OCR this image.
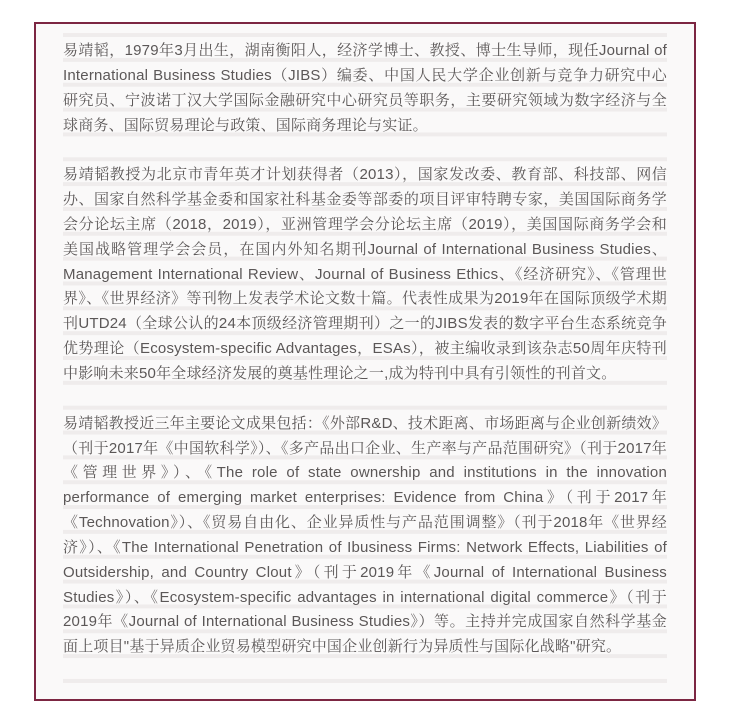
易靖韬，1979年3月出生，湖南衡阳人，经济学博士、教授、博士生导师，现任Journal of International Business Studies（JIBS）编委、中国人民大学企业创新与竞争力研究中心研究员、宁波诺丁汉大学国际金融研究中心研究员等职务，主要研究领域为数字经济与全球商务、国际贸易理论与政策、国际商务理论与实证。

易靖韬教授为北京市青年英才计划获得者（2013），国家发改委、教育部、科技部、网信办、国家自然科学基金委和国家社科基金委等部委的项目评审特聘专家，美国国际商务学会分论坛主席（2018，2019），亚洲管理学会分论坛主席（2019），美国国际商务学会和美国战略管理学会会员，在国内外知名期刊Journal of International Business Studies、Management International Review、Journal of Business Ethics、《经济研究》、《管理世界》、《世界经济》等刊物上发表学术论文数十篇。代表性成果为2019年在国际顶级学术期刊UTD24（全球公认的24本顶级经济管理期刊）之一的JIBS发表的数字平台生态系统竞争优势理论（Ecosystem-specific Advantages，ESAs），被主编收录到该杂志50周年庆特刊中影响未来50年全球经济发展的奠基性理论之一,成为特刊中具有引领性的刊首文。

易靖韬教授近三年主要论文成果包括：《外部R&D、技术距离、市场距离与企业创新绩效》（刊于2017年《中国软科学》）、《多产品出口企业、生产率与产品范围研究》（刊于2017年《管理世界》）、《The role of state ownership and institutions in the innovation performance of emerging market enterprises: Evidence from China》（刊于2017年《Technovation》）、《贸易自由化、企业异质性与产品范围调整》（刊于2018年《世界经济》）、《The International Penetration of Ibusiness Firms: Network Effects, Liabilities of Outsidership, and Country Clout》（刊于2019年《Journal of International Business Studies》）、《Ecosystem-specific advantages in international digital commerce》（刊于2019年《Journal of International Business Studies》）等。主持并完成国家自然科学基金面上项目"基于异质企业贸易模型研究中国企业创新行为异质性与国际化战略"研究。
